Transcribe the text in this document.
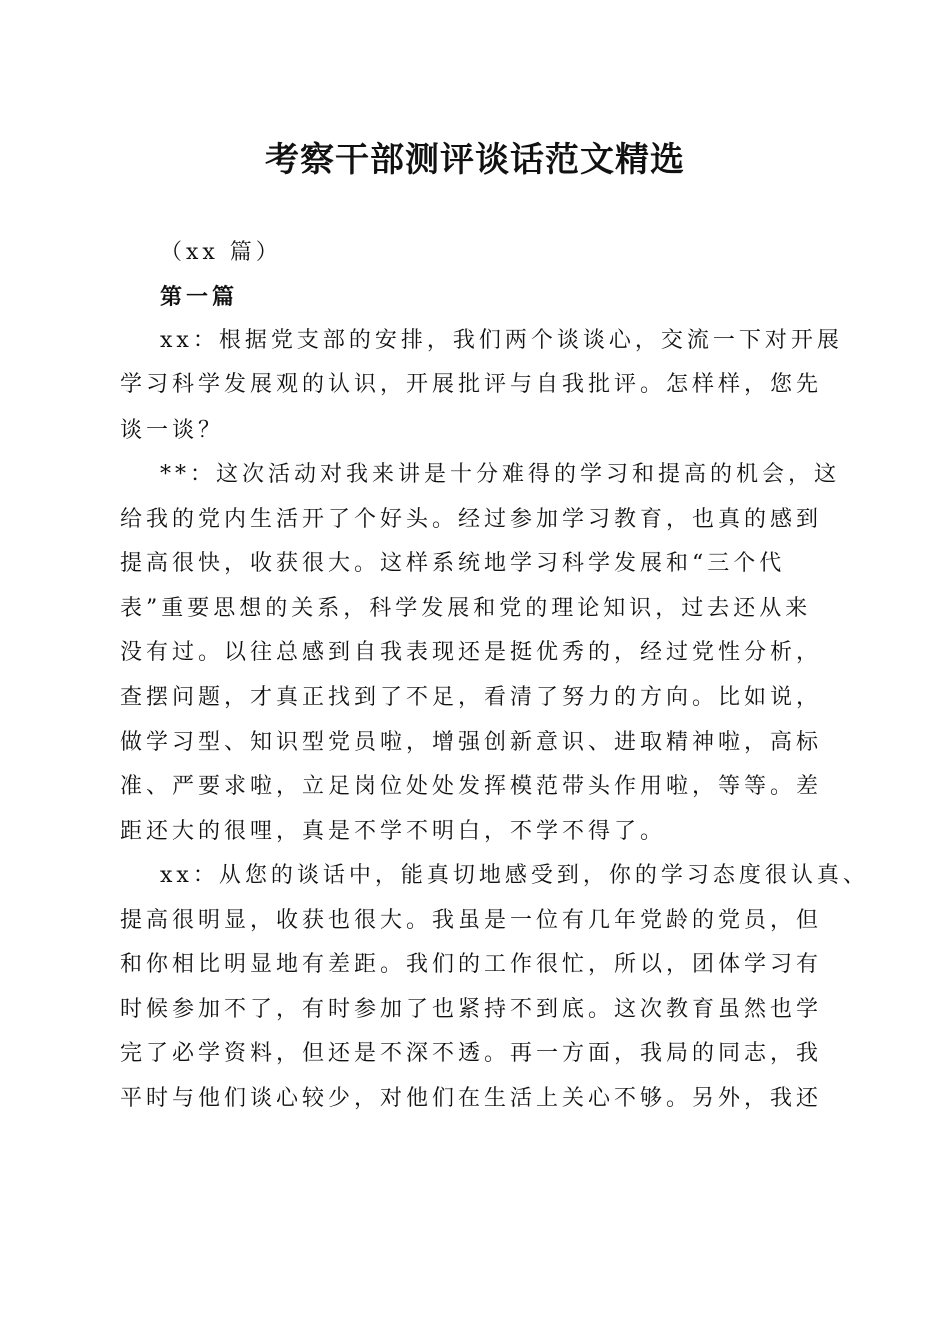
考察干部测评谈话范文精选
（xx 篇）
第一篇
xx：根据党支部的安排，我们两个谈谈心，交流一下对开展
学习科学发展观的认识，开展批评与自我批评。怎样样，您先
谈一谈？
**：这次活动对我来讲是十分难得的学习和提高的机会，这
给我的党内生活开了个好头。经过参加学习教育，也真的感到
提高很快，收获很大。这样系统地学习科学发展和“三个代
表”重要思想的关系，科学发展和党的理论知识，过去还从来
没有过。以往总感到自我表现还是挺优秀的，经过党性分析，
查摆问题，才真正找到了不足，看清了努力的方向。比如说，
做学习型、知识型党员啦，增强创新意识、进取精神啦，高标
准、严要求啦，立足岗位处处发挥模范带头作用啦，等等。差
距还大的很哩，真是不学不明白，不学不得了。
xx：从您的谈话中，能真切地感受到，你的学习态度很认真、
提高很明显，收获也很大。我虽是一位有几年党龄的党员，但
和你相比明显地有差距。我们的工作很忙，所以，团体学习有
时候参加不了，有时参加了也紧持不到底。这次教育虽然也学
完了必学资料，但还是不深不透。再一方面，我局的同志，我
平时与他们谈心较少，对他们在生活上关心不够。另外，我还
